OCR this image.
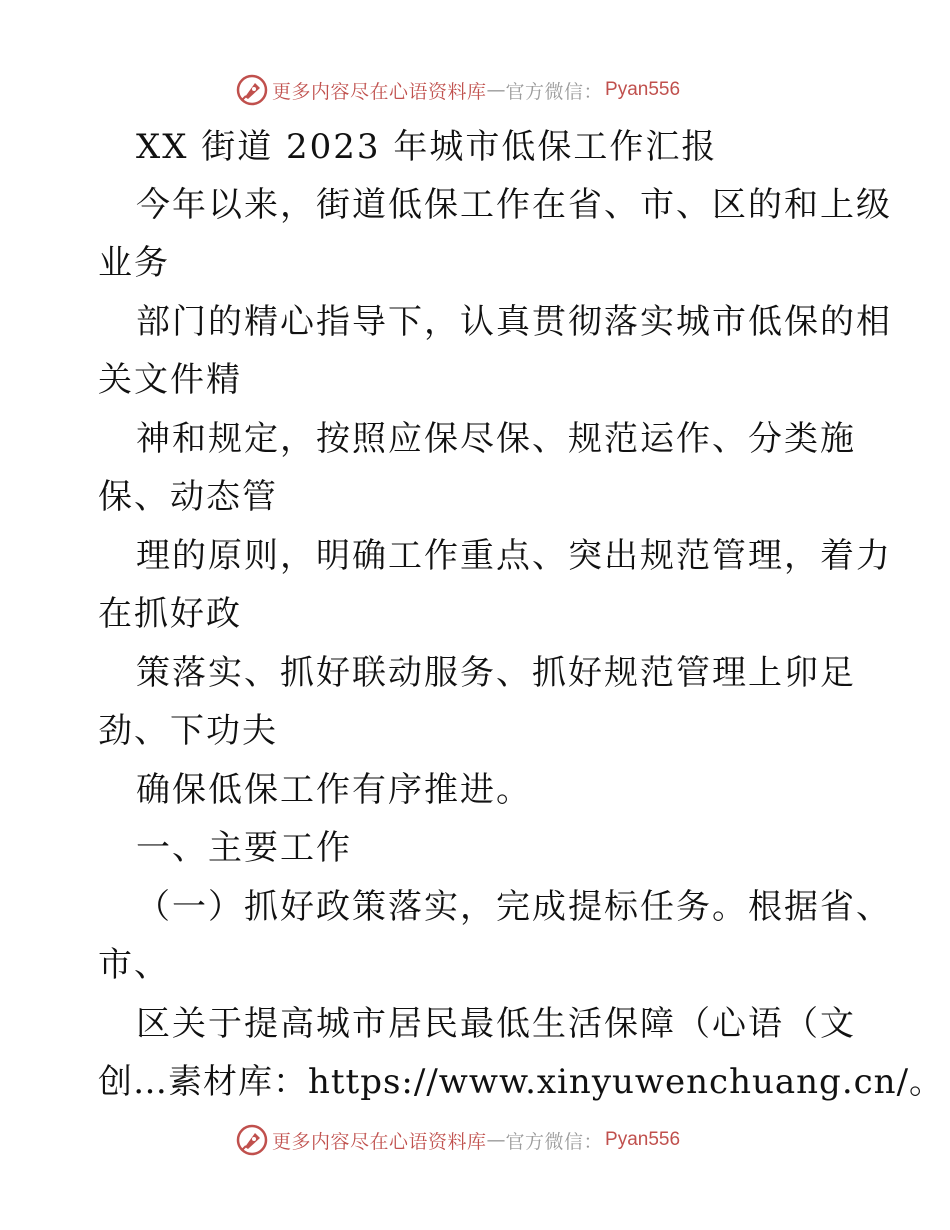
更多内容尽在心语资料库 — 官方微信： Pyan556
XX 街道 2023 年城市低保工作汇报
今年以来，街道低保工作在省、市、区的和上级
业务
部门的精心指导下，认真贯彻落实城市低保的相
关文件精
神和规定，按照应保尽保、规范运作、分类施
保、动态管
理的原则，明确工作重点、突出规范管理，着力
在抓好政
策落实、抓好联动服务、抓好规范管理上卯足
劲、下功夫
确保低保工作有序推进。
一、主要工作
（一）抓好政策落实，完成提标任务。根据省、
市、
区关于提高城市居民最低生活保障（心语（文
创…素材库：https://www.xinyuwenchuang.cn/。
更多内容尽在心语资料库 — 官方微信： Pyan556
